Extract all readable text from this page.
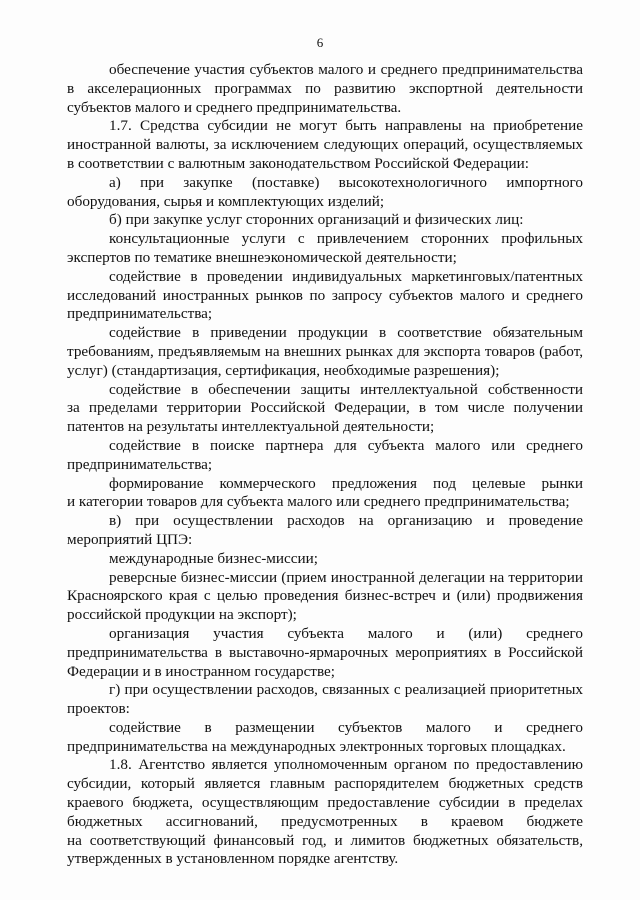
6
обеспечение участия субъектов малого и среднего предпринимательства
в акселерационных программах по развитию экспортной деятельности
субъектов малого и среднего предпринимательства.
1.7. Средства субсидии не могут быть направлены на приобретение
иностранной валюты, за исключением следующих операций, осуществляемых
в соответствии с валютным законодательством Российской Федерации:
а) при закупке (поставке) высокотехнологичного импортного
оборудования, сырья и комплектующих изделий;
б) при закупке услуг сторонних организаций и физических лиц:
консультационные услуги с привлечением сторонних профильных
экспертов по тематике внешнеэкономической деятельности;
содействие в проведении индивидуальных маркетинговых/патентных
исследований иностранных рынков по запросу субъектов малого и среднего
предпринимательства;
содействие в приведении продукции в соответствие обязательным
требованиям, предъявляемым на внешних рынках для экспорта товаров (работ,
услуг) (стандартизация, сертификация, необходимые разрешения);
содействие в обеспечении защиты интеллектуальной собственности
за пределами территории Российской Федерации, в том числе получении
патентов на результаты интеллектуальной деятельности;
содействие в поиске партнера для субъекта малого или среднего
предпринимательства;
формирование коммерческого предложения под целевые рынки
и категории товаров для субъекта малого или среднего предпринимательства;
в) при осуществлении расходов на организацию и проведение
мероприятий ЦПЭ:
международные бизнес-миссии;
реверсные бизнес-миссии (прием иностранной делегации на территории
Красноярского края с целью проведения бизнес-встреч и (или) продвижения
российской продукции на экспорт);
организация участия субъекта малого и (или) среднего
предпринимательства в выставочно-ярмарочных мероприятиях в Российской
Федерации и в иностранном государстве;
г) при осуществлении расходов, связанных с реализацией приоритетных
проектов:
содействие в размещении субъектов малого и среднего
предпринимательства на международных электронных торговых площадках.
1.8. Агентство является уполномоченным органом по предоставлению
субсидии, который является главным распорядителем бюджетных средств
краевого бюджета, осуществляющим предоставление субсидии в пределах
бюджетных ассигнований, предусмотренных в краевом бюджете
на соответствующий финансовый год, и лимитов бюджетных обязательств,
утвержденных в установленном порядке агентству.
